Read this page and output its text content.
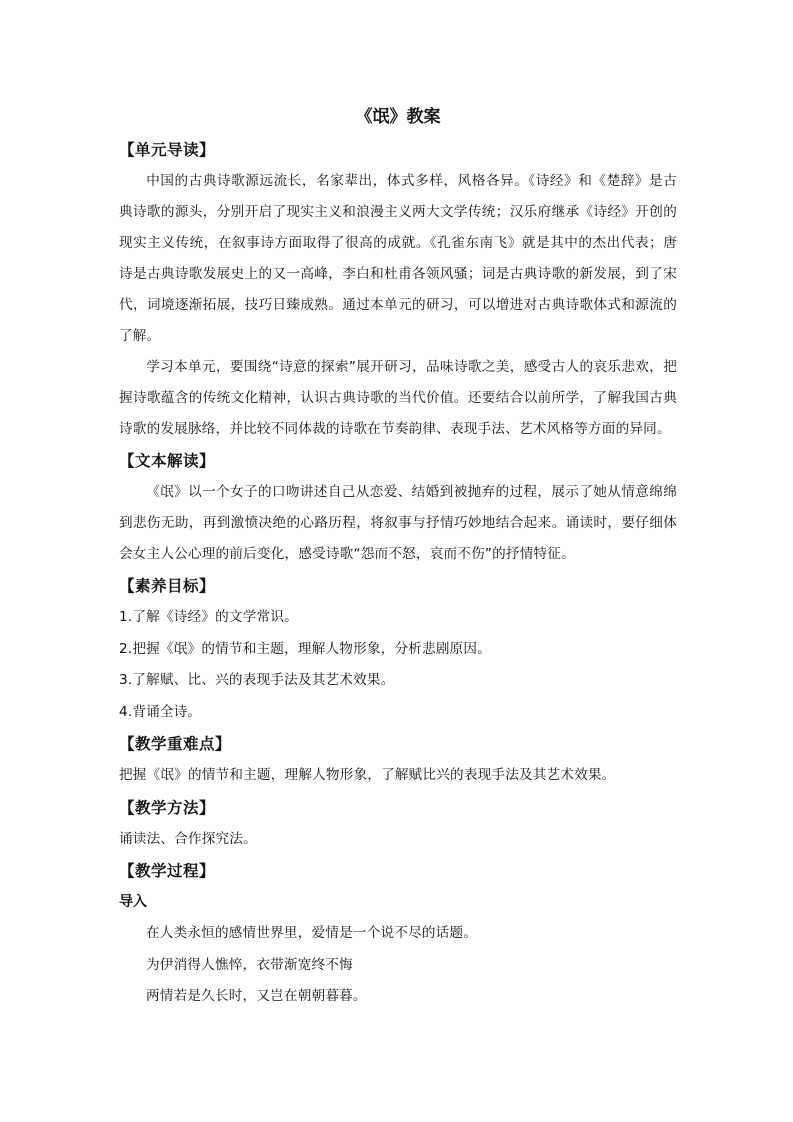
《氓》教案
【单元导读】

中国的古典诗歌源远流长，名家辈出，体式多样，风格各异。《诗经》和《楚辞》是古典诗歌的源头，分别开启了现实主义和浪漫主义两大文学传统；汉乐府继承《诗经》开创的现实主义传统，在叙事诗方面取得了很高的成就。《孔雀东南飞》就是其中的杰出代表；唐诗是古典诗歌发展史上的又一高峰，李白和杜甫各领风骚；词是古典诗歌的新发展，到了宋代，词境逐渐拓展，技巧日臻成熟。通过本单元的研习，可以增进对古典诗歌体式和源流的了解。

学习本单元，要围绕“诗意的探索”展开研习，品味诗歌之美，感受古人的哀乐悲欢，把握诗歌蕴含的传统文化精神，认识古典诗歌的当代价值。还要结合以前所学，了解我国古典诗歌的发展脉络，并比较不同体裁的诗歌在节奏韵律、表现手法、艺术风格等方面的异同。

【文本解读】

《氓》以一个女子的口吻讲述自己从恋爱、结婚到被抛弃的过程，展示了她从情意绵绵到悲伤无助，再到激愤决绝的心路历程，将叙事与抒情巧妙地结合起来。诵读时，要仔细体会女主人公心理的前后变化，感受诗歌“怨而不怒，哀而不伤”的抒情特征。

【素养目标】

1.了解《诗经》的文学常识。

2.把握《氓》的情节和主题，理解人物形象，分析悲剧原因。

3.了解赋、比、兴的表现手法及其艺术效果。

4.背诵全诗。

【教学重难点】

把握《氓》的情节和主题，理解人物形象，了解赋比兴的表现手法及其艺术效果。

【教学方法】

诵读法、合作探究法。

【教学过程】

导入

在人类永恒的感情世界里，爱情是一个说不尽的话题。

为伊消得人憔悴，衣带渐宽终不悔

两情若是久长时，又岂在朝朝暮暮。
